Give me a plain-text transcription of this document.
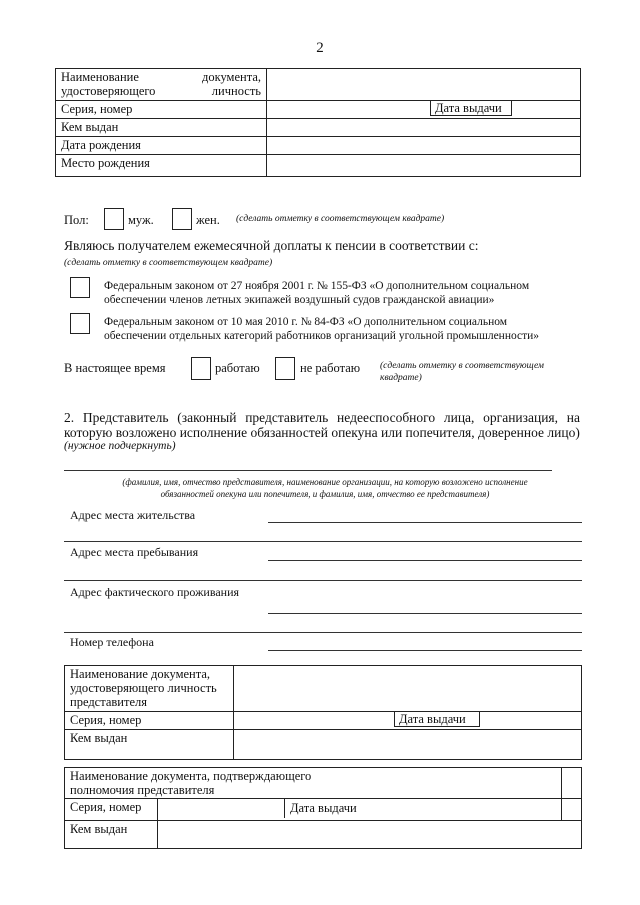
2
Наименование документа, удостоверяющего личность	

Серия, номер	Дата выдачи

Кем выдан	
Дата рождения	
Место рождения	
Пол:	муж.	жен. (сделать отметку в соответствующем квадрате)
Являюсь получателем ежемесячной доплаты к пенсии в соответствии с:
(сделать отметку в соответствующем квадрате)
Федеральным законом от 27 ноября 2001 г. № 155-ФЗ «О дополнительном социальном
обеспечении членов летных экипажей воздушный судов гражданской авиации»
Федеральным законом от 10 мая 2010 г. № 84-ФЗ «О дополнительном социальном
обеспечении отдельных категорий работников организаций угольной промышленности»
В настоящее время	работаю	не работаю (сделать отметку в соответствующем
квадрате)
2. Представитель (законный представитель недееспособного лица, организация, на
которую возложено исполнение обязанностей опекуна или попечителя, доверенное лицо)
(нужное подчеркнуть)
(фамилия, имя, отчество представителя, наименование организации, на которую возложено исполнение
обязанностей опекуна или попечителя, и фамилия, имя, отчество ее представителя)
Адрес места жительства
Адрес места пребывания
Адрес фактического проживания
Номер телефона
Наименование документа,
удостоверяющего личность
представителя	

Серия, номер	Дата выдачи

Кем выдан	
Наименование документа, подтверждающего
полномочия представителя		

Серия, номер	Дата выдачи	

Кем выдан		
